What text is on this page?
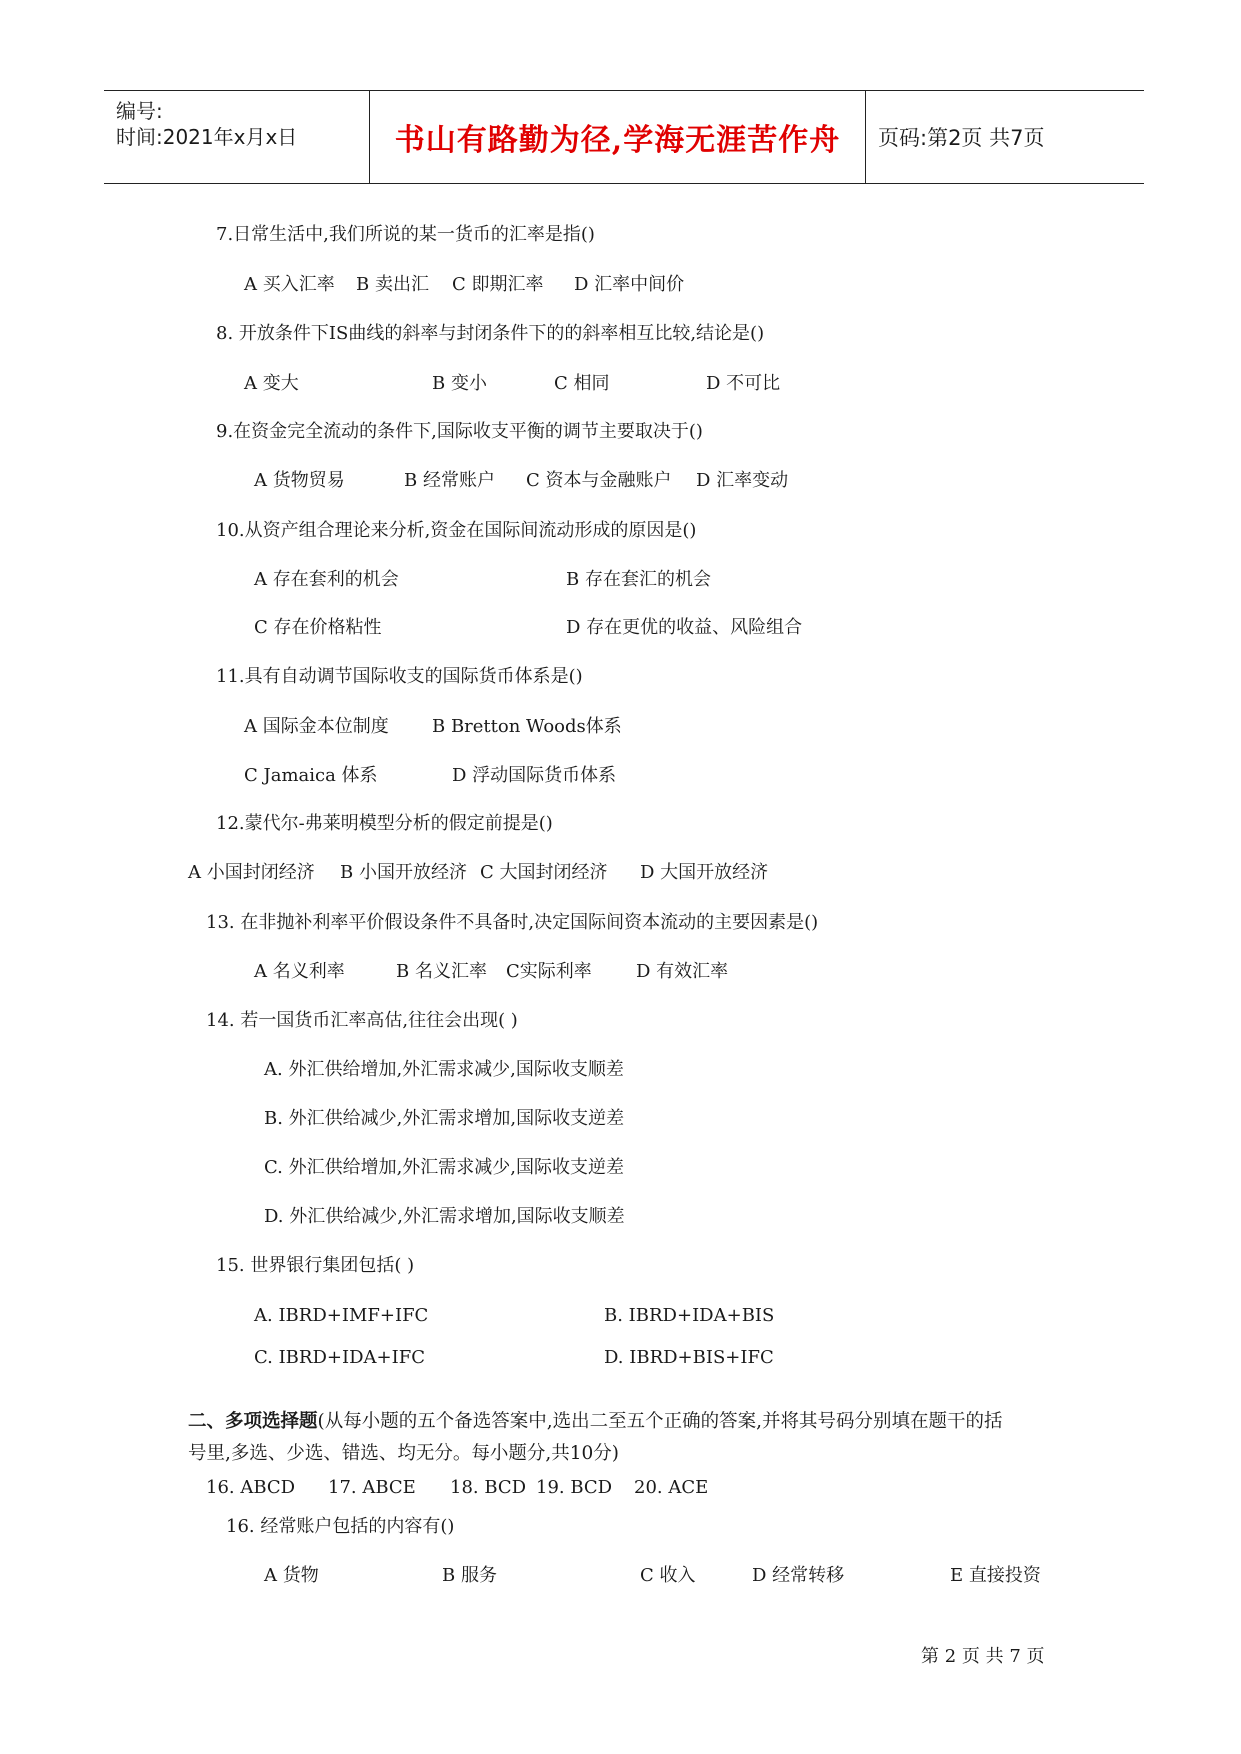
编号:
时间:2021年x月x日	书山有路勤为径,学海无涯苦作舟	页码:第2页 共7页
7.日常生活中,我们所说的某一货币的汇率是指()
A 买入汇率 B 卖出汇 C 即期汇率 D 汇率中间价
8. 开放条件下IS曲线的斜率与封闭条件下的的斜率相互比较,结论是()
A 变大	B 变小	C 相同	D 不可比
9.在资金完全流动的条件下,国际收支平衡的调节主要取决于()
A 货物贸易	B 经常账户 C 资本与金融账户 D 汇率变动
10.从资产组合理论来分析,资金在国际间流动形成的原因是()
A 存在套利的机会	B 存在套汇的机会
C 存在价格粘性	D 存在更优的收益、风险组合
11.具有自动调节国际收支的国际货币体系是()
A 国际金本位制度 B Bretton Woods体系
C Jamaica 体系	D 浮动国际货币体系
12.蒙代尔-弗莱明模型分析的假定前提是()
A 小国封闭经济 B 小国开放经济 C 大国封闭经济 D 大国开放经济
13. 在非抛补利率平价假设条件不具备时,决定国际间资本流动的主要因素是()
A 名义利率	B 名义汇率 C实际利率 D 有效汇率
14. 若一国货币汇率高估,往往会出现( )
A. 外汇供给增加,外汇需求减少,国际收支顺差
B. 外汇供给减少,外汇需求增加,国际收支逆差
C. 外汇供给增加,外汇需求减少,国际收支逆差
D. 外汇供给减少,外汇需求增加,国际收支顺差
15. 世界银行集团包括( )
A. IBRD+IMF+IFC	B. IBRD+IDA+BIS
C. IBRD+IDA+IFC	D. IBRD+BIS+IFC
二、多项选择题(从每小题的五个备选答案中,选出二至五个正确的答案,并将其号码分别填在题干的括
号里,多选、少选、错选、均无分。每小题分,共10分)
16. ABCD 17. ABCE 18. BCD 19. BCD 20. ACE
16. 经常账户包括的内容有()
A 货物	B 服务	C 收入	D 经常转移	E 直接投资
第 2 页 共 7 页
